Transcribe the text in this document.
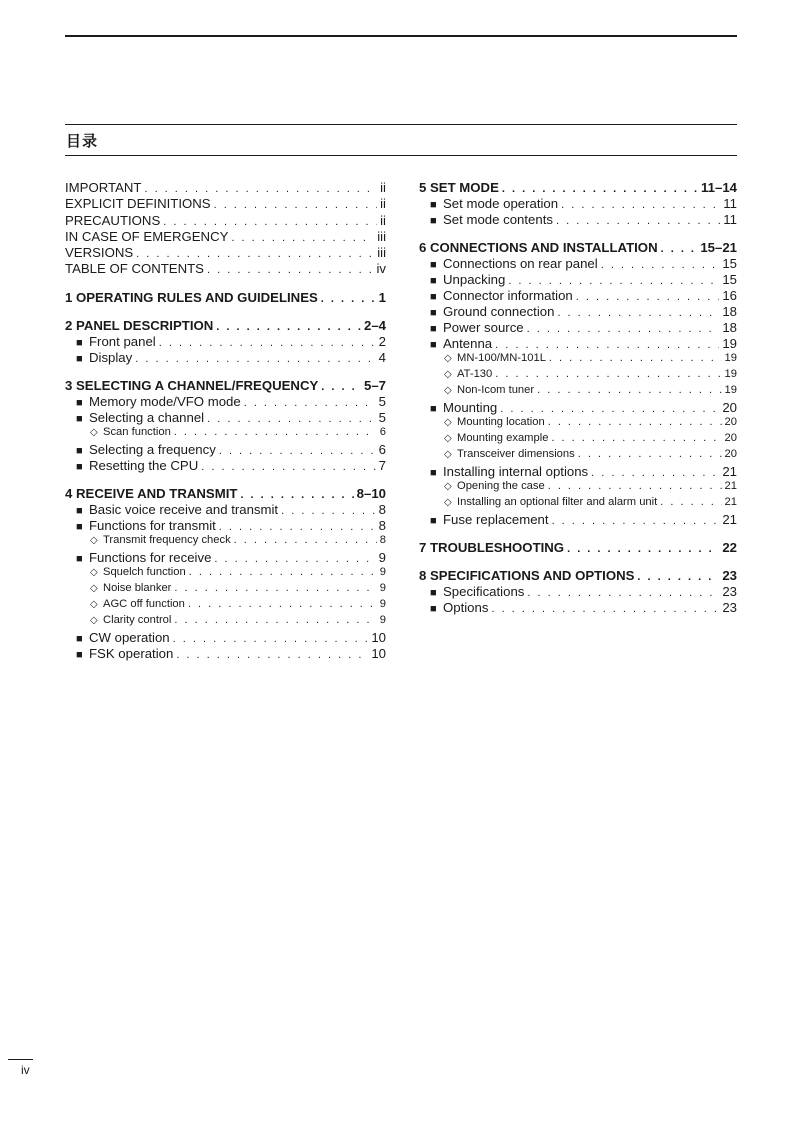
目录
IMPORTANT . . .	ii
EXPLICIT DEFINITIONS . . .	ii
PRECAUTIONS . . .	ii
IN CASE OF EMERGENCY . . .	iii
VERSIONS . . .	iii
TABLE OF CONTENTS . . .	iv
1 OPERATING RULES AND GUIDELINES . . .	1
2 PANEL DESCRIPTION . . .	2–4
■ Front panel . . .	2
■ Display . . .	4
3 SELECTING A CHANNEL/FREQUENCY . . .	5–7
■ Memory mode/VFO mode . . .	5
■ Selecting a channel . . .	5
◇ Scan function . . .	6
■ Selecting a frequency . . .	6
■ Resetting the CPU . . .	7
4 RECEIVE AND TRANSMIT . . .	8–10
■ Basic voice receive and transmit . . .	8
■ Functions for transmit . . .	8
◇ Transmit frequency check . . .	8
■ Functions for receive . . .	9
◇ Squelch function . . .	9
◇ Noise blanker . . .	9
◇ AGC off function . . .	9
◇ Clarity control . . .	9
■ CW operation . . .	10
■ FSK operation . . .	10
5 SET MODE . . .	11–14
■ Set mode operation . . .	11
■ Set mode contents . . .	11
6 CONNECTIONS AND INSTALLATION . . .	15–21
■ Connections on rear panel . . .	15
■ Unpacking . . .	15
■ Connector information . . .	16
■ Ground connection . . .	18
■ Power source . . .	18
■ Antenna . . .	19
◇ MN-100/MN-101L . . .	19
◇ AT-130 . . .	19
◇ Non-Icom tuner . . .	19
■ Mounting . . .	20
◇ Mounting location . . .	20
◇ Mounting example . . .	20
◇ Transceiver dimensions . . .	20
■ Installing internal options . . .	21
◇ Opening the case . . .	21
◇ Installing an optional filter and alarm unit . . .	21
■ Fuse replacement . . .	21
7 TROUBLESHOOTING . . .	22
8 SPECIFICATIONS AND OPTIONS . . .	23
■ Specifications . . .	23
■ Options . . .	23
iv
